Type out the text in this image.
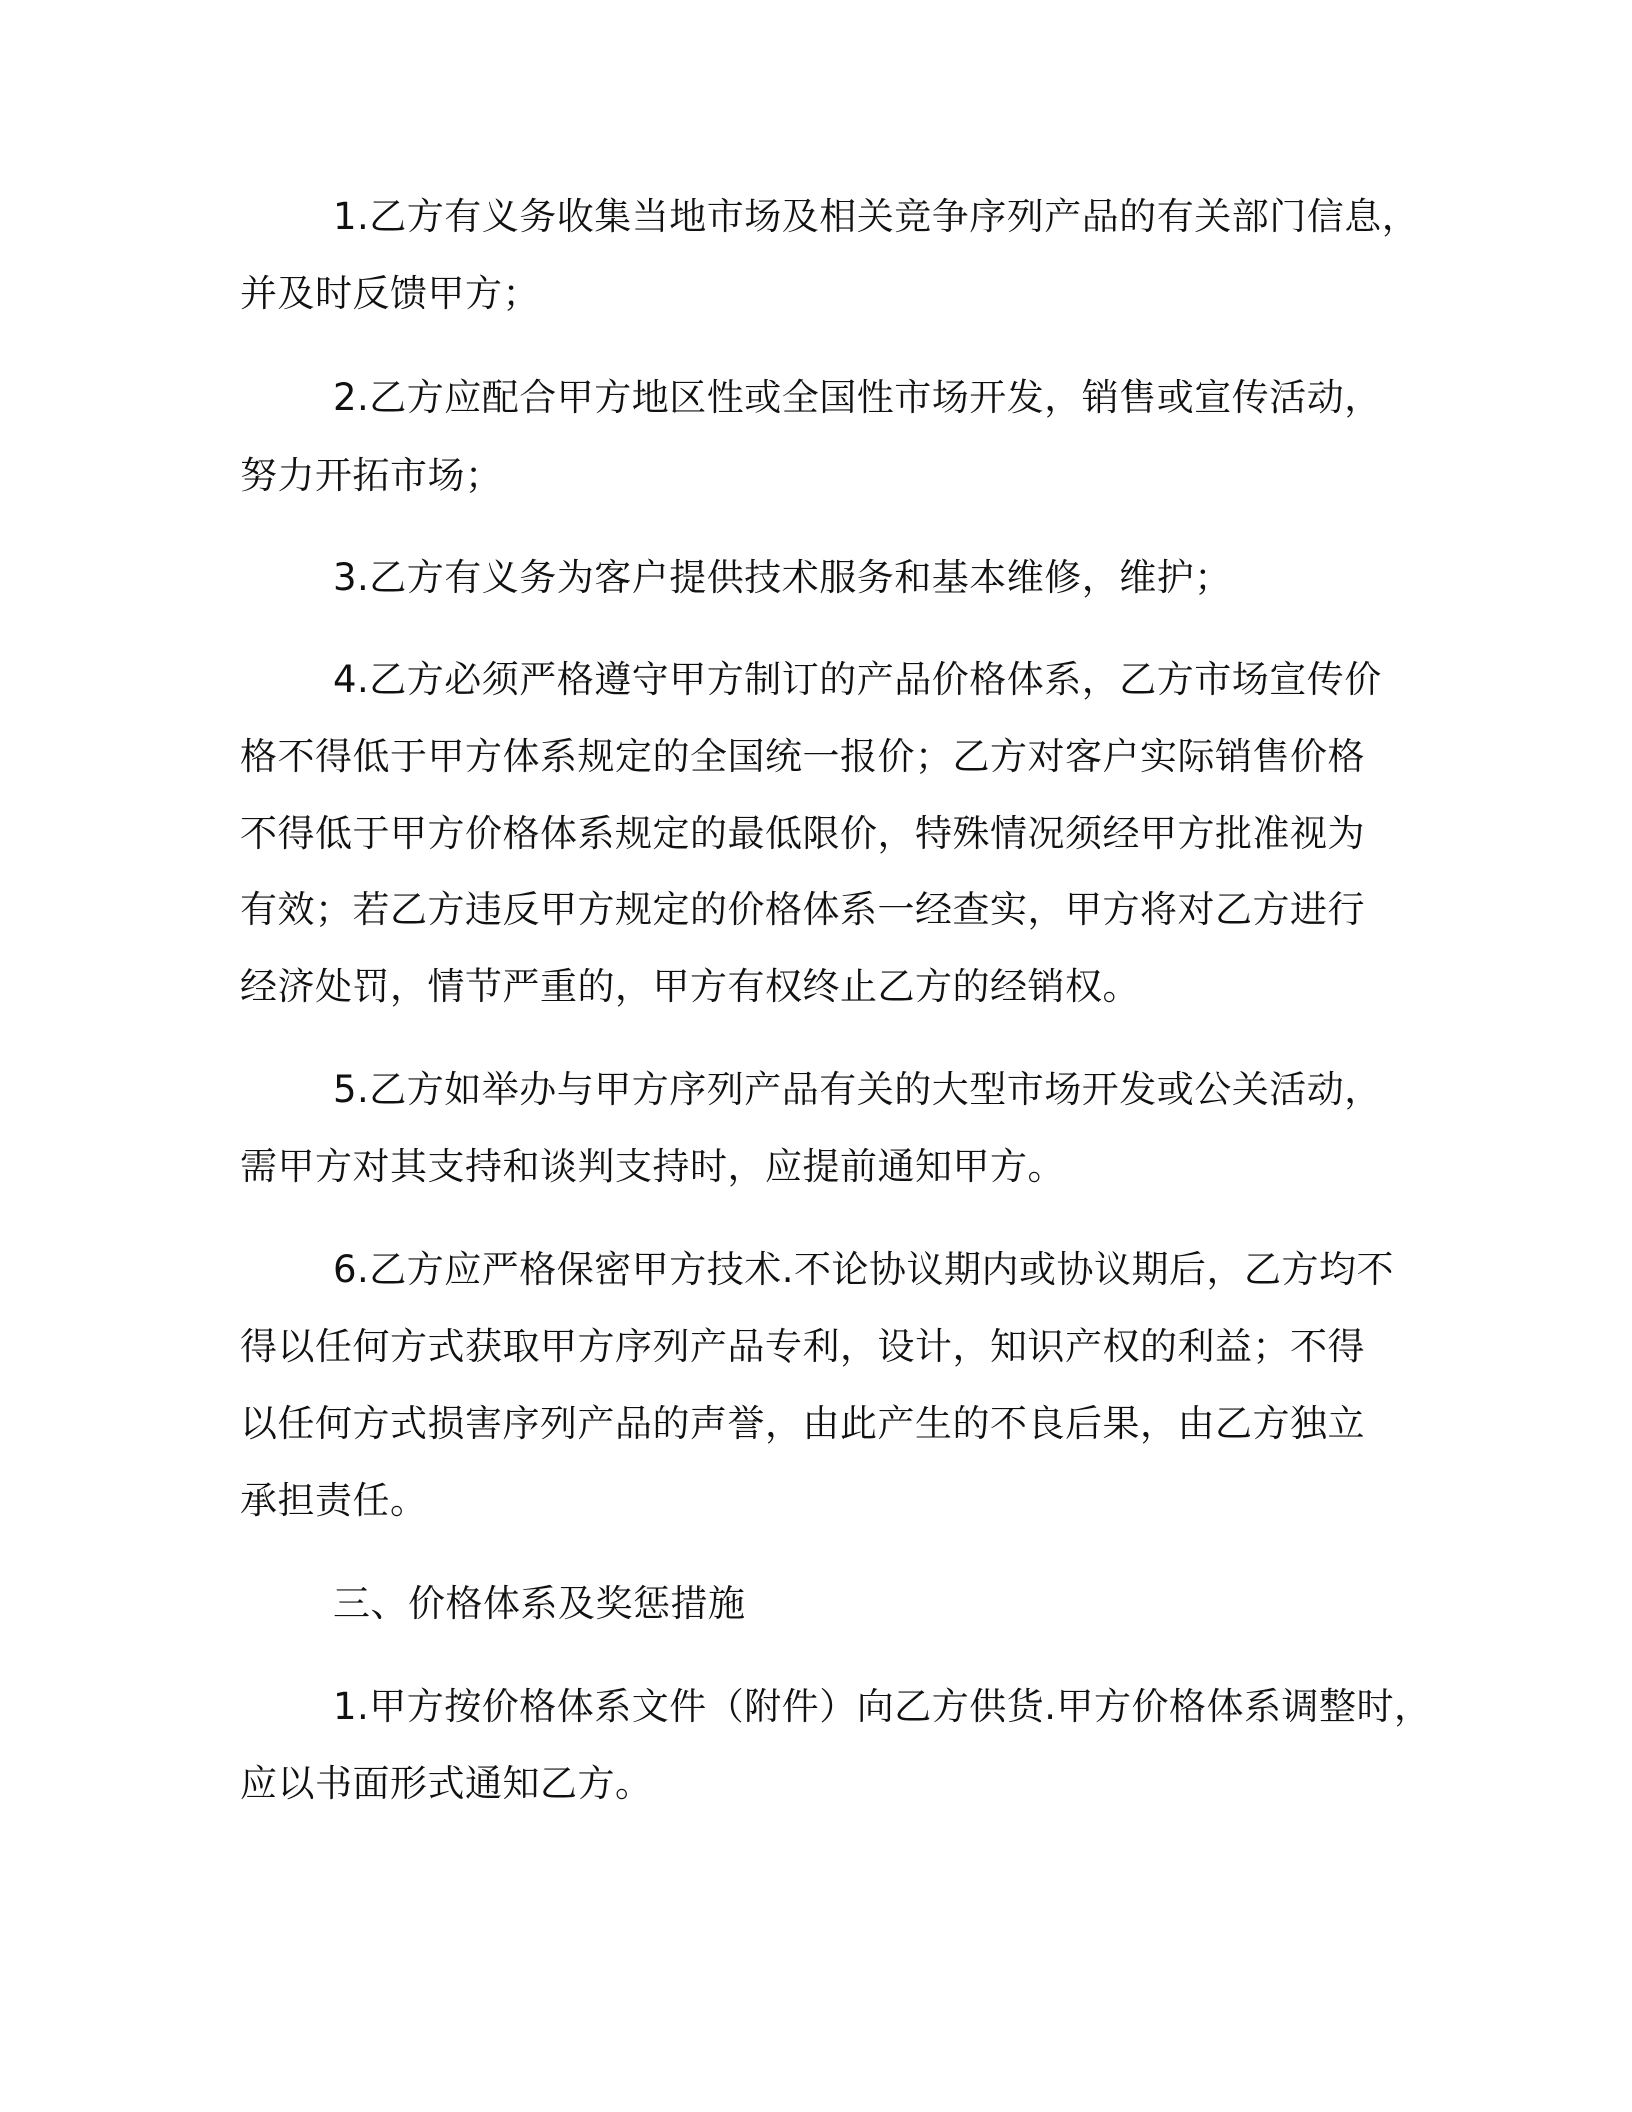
1.乙方有义务收集当地市场及相关竞争序列产品的有关部门信息，
并及时反馈甲方；
2.乙方应配合甲方地区性或全国性市场开发，销售或宣传活动，
努力开拓市场；
3.乙方有义务为客户提供技术服务和基本维修，维护；
4.乙方必须严格遵守甲方制订的产品价格体系，乙方市场宣传价
格不得低于甲方体系规定的全国统一报价；乙方对客户实际销售价格
不得低于甲方价格体系规定的最低限价，特殊情况须经甲方批准视为
有效；若乙方违反甲方规定的价格体系一经查实，甲方将对乙方进行
经济处罚，情节严重的，甲方有权终止乙方的经销权。
5.乙方如举办与甲方序列产品有关的大型市场开发或公关活动，
需甲方对其支持和谈判支持时，应提前通知甲方。
6.乙方应严格保密甲方技术.不论协议期内或协议期后，乙方均不
得以任何方式获取甲方序列产品专利，设计，知识产权的利益；不得
以任何方式损害序列产品的声誉，由此产生的不良后果，由乙方独立
承担责任。
三、价格体系及奖惩措施
1.甲方按价格体系文件（附件）向乙方供货.甲方价格体系调整时，
应以书面形式通知乙方。
